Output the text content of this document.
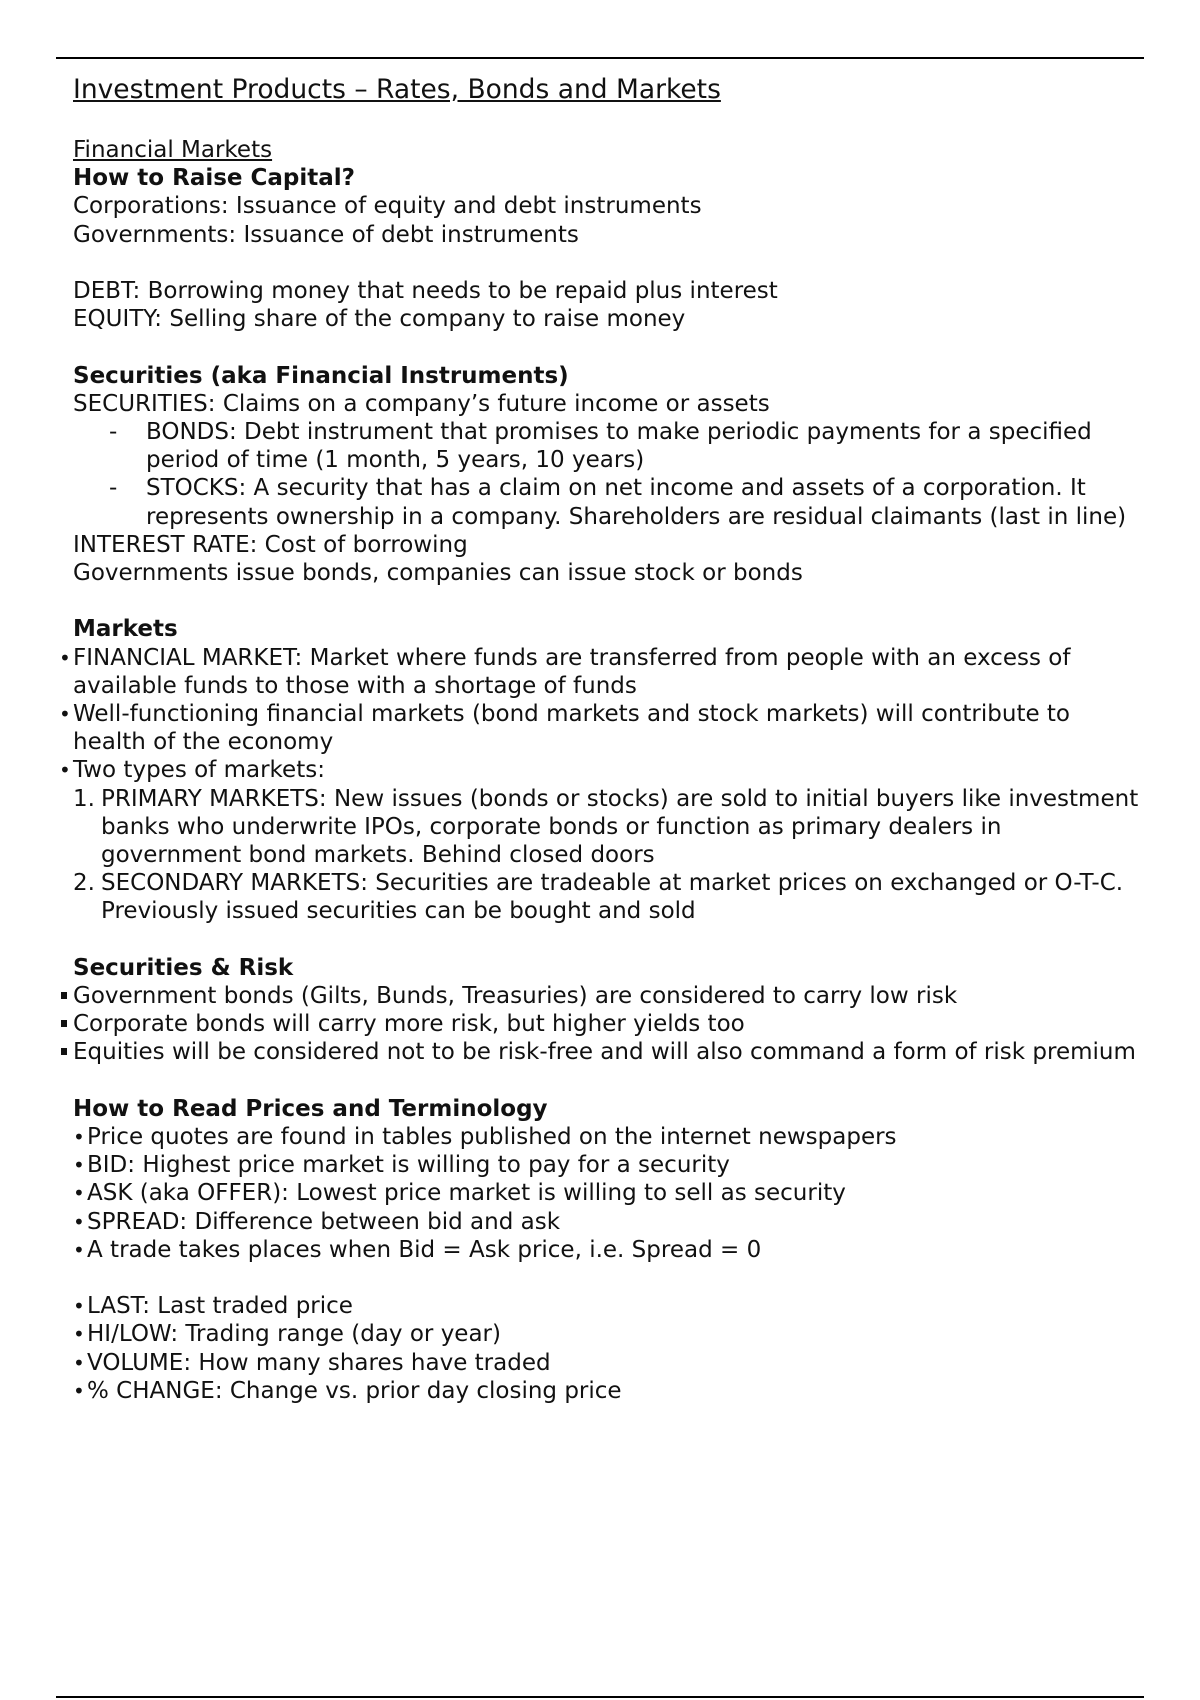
Investment Products – Rates, Bonds and Markets
Financial Markets
How to Raise Capital?
Corporations: Issuance of equity and debt instruments
Governments: Issuance of debt instruments
DEBT: Borrowing money that needs to be repaid plus interest
EQUITY: Selling share of the company to raise money
Securities (aka Financial Instruments)
SECURITIES: Claims on a company’s future income or assets
- BONDS: Debt instrument that promises to make periodic payments for a specified period of time (1 month, 5 years, 10 years)
- STOCKS: A security that has a claim on net income and assets of a corporation. It represents ownership in a company. Shareholders are residual claimants (last in line)
INTEREST RATE: Cost of borrowing
Governments issue bonds, companies can issue stock or bonds
Markets
• FINANCIAL MARKET: Market where funds are transferred from people with an excess of available funds to those with a shortage of funds
• Well-functioning financial markets (bond markets and stock markets) will contribute to health of the economy
• Two types of markets:
1. PRIMARY MARKETS: New issues (bonds or stocks) are sold to initial buyers like investment banks who underwrite IPOs, corporate bonds or function as primary dealers in government bond markets. Behind closed doors
2. SECONDARY MARKETS: Securities are tradeable at market prices on exchanged or O-T-C. Previously issued securities can be bought and sold
Securities & Risk
Government bonds (Gilts, Bunds, Treasuries) are considered to carry low risk
Corporate bonds will carry more risk, but higher yields too
Equities will be considered not to be risk-free and will also command a form of risk premium
How to Read Prices and Terminology
• Price quotes are found in tables published on the internet newspapers
• BID: Highest price market is willing to pay for a security
• ASK (aka OFFER): Lowest price market is willing to sell as security
• SPREAD: Difference between bid and ask
• A trade takes places when Bid = Ask price, i.e. Spread = 0
• LAST: Last traded price
• HI/LOW: Trading range (day or year)
• VOLUME: How many shares have traded
• % CHANGE: Change vs. prior day closing price
